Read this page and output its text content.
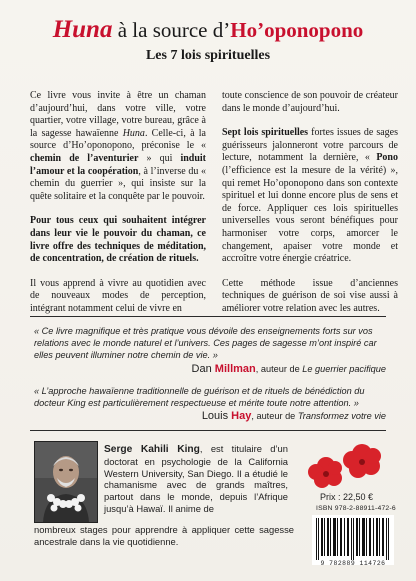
Huna à la source d’Ho’oponopono
Les 7 lois spirituelles

Ce livre vous invite à être un chaman d’aujourd’hui, dans votre ville, votre quartier, votre village, votre bureau, grâce à la sagesse hawaïenne Huna. Celle-ci, à la source d’Ho’oponopono, préconise le « chemin de l’aventurier » qui induit l’amour et la coopération, à l’inverse du « chemin du guerrier », qui insiste sur la quête solitaire et la conquête par le pouvoir.

Pour tous ceux qui souhaitent intégrer dans leur vie le pouvoir du chaman, ce livre offre des techniques de méditation, de concentration, de création de rituels.

Il vous apprend à vivre au quotidien avec de nouveaux modes de perception, intégrant notamment celui de vivre en

toute conscience de son pouvoir de créateur dans le monde d’aujourd’hui.

Sept lois spirituelles fortes issues de sages guérisseurs jalonneront votre parcours de lecture, notamment la dernière, « Pono (l’efficience est la mesure de la vérité) », qui remet Ho’oponopono dans son contexte spirituel et lui donne encore plus de sens et de force. Appliquer ces lois spirituelles universelles vous seront bénéfiques pour harmoniser votre corps, amorcer le changement, apaiser votre monde et accroître votre énergie créatrice.

Cette méthode issue d’anciennes techniques de guérison de soi vise aussi à améliorer votre relation avec les autres.

« Ce livre magnifique et très pratique vous dévoile des enseignements forts sur vos relations avec le monde naturel et l’univers. Ces pages de sagesse m’ont inspiré car elles peuvent illuminer notre chemin de vie. »
Dan Millman, auteur de Le guerrier pacifique
« L’approche hawaïenne traditionnelle de guérison et de rituels de bénédiction du docteur King est particulièrement respectueuse et mérite toute notre attention. »
Louis Hay, auteur de Transformez votre vie
Serge Kahili King, est titulaire d’un doctorat en psychologie de la California Western University, San Diego. Il a étudié le chamanisme avec de grands maîtres, partout dans le monde, depuis l’Afrique jusqu’à Hawaï. Il anime de
nombreux stages pour apprendre à appliquer cette sagesse ancestrale dans la vie quotidienne.
Prix : 22,50 €
ISBN 978-2-88911-472-6
9 782889 114726
